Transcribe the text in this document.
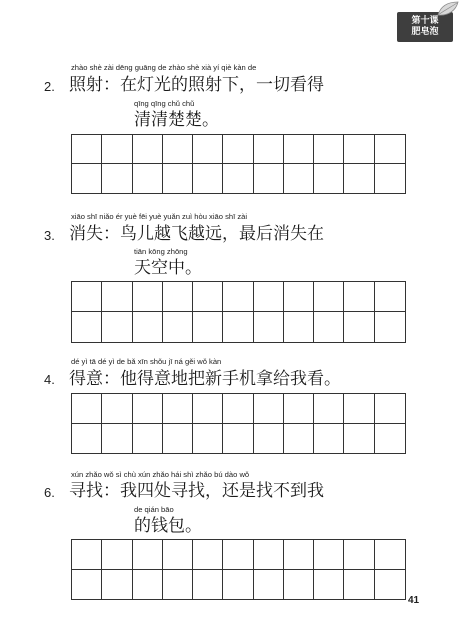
第十课
肥皂泡
2.
zhào shè zài dēng guāng de zhào shè xià yí qiè kàn de
照射：在灯光的照射下，一切看得
qīng qīng chǔ chǔ
清清楚楚。
3.
xiāo shī niǎo ér yuè fēi yuè yuǎn zuì hòu xiāo shī zài
消失：鸟儿越飞越远，最后消失在
tiān kōng zhōng
天空中。
4.
dé yì tā dé yì de bǎ xīn shǒu jī ná gěi wǒ kàn
得意：他得意地把新手机拿给我看。
6.
xún zhǎo wǒ sì chù xún zhǎo hái shì zhǎo bú dào wǒ
寻找：我四处寻找，还是找不到我
de qián bāo
的钱包。
41
